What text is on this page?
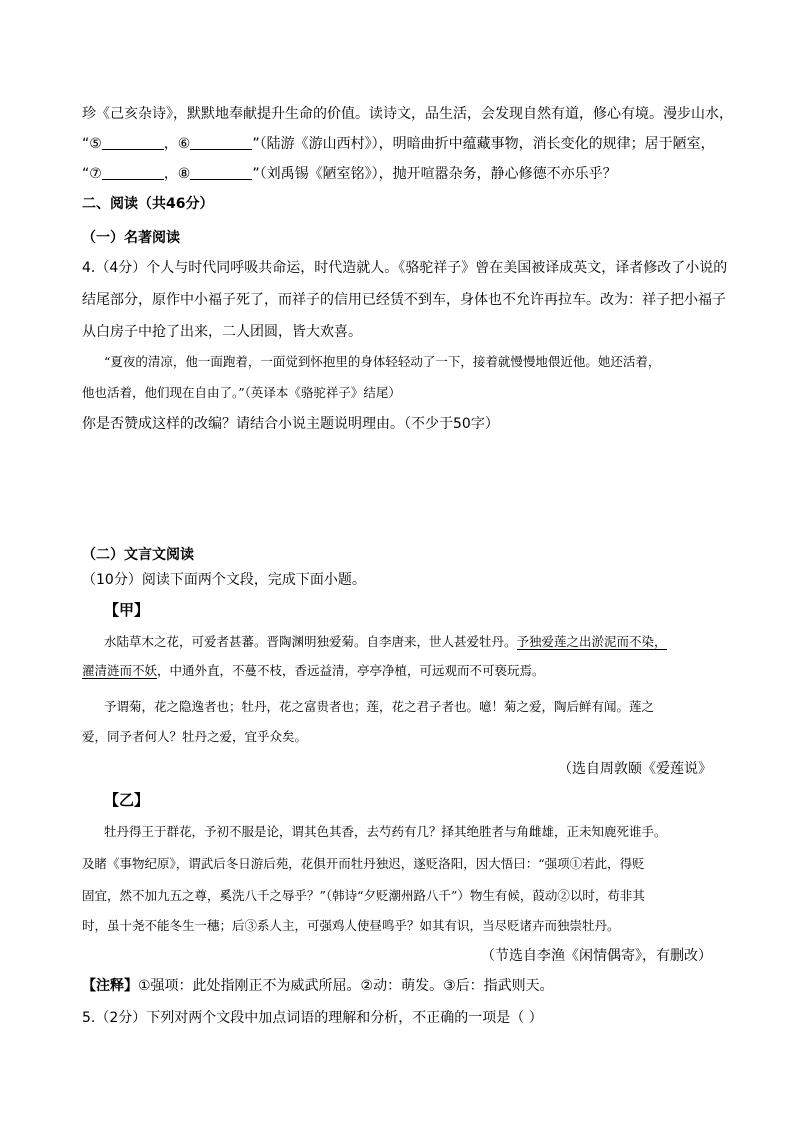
珍《己亥杂诗》，默默地奉献提升生命的价值。读诗文，品生活，会发现自然有道，修心有境。漫步山水，
“⑤	，⑥	”（陆游《游山西村》），明暗曲折中蕴藏事物，消长变化的规律；居于陋室，
“⑦	，⑧	”（刘禹锡《陋室铭》），抛开喧嚣杂务，静心修德不亦乐乎？
二、阅读（共46分）
（一）名著阅读
4.（4分）个人与时代同呼吸共命运，时代造就人。《骆驼祥子》曾在美国被译成英文，译者修改了小说的
结尾部分，原作中小福子死了，而祥子的信用已经赁不到车，身体也不允许再拉车。改为：祥子把小福子
从白房子中抢了出来，二人团圆，皆大欢喜。
“夏夜的清凉，他一面跑着，一面觉到怀抱里的身体轻轻动了一下，接着就慢慢地偎近他。她还活着，
他也活着，他们现在自由了。”（英译本《骆驼祥子》结尾）
你是否赞成这样的改编？请结合小说主题说明理由。（不少于50字）
（二）文言文阅读
（10分）阅读下面两个文段，完成下面小题。
【甲】
水陆草木之花，可爱者甚蕃。晋陶渊明独爱菊。自李唐来，世人甚爱牡丹。予独爱莲之出淤泥而不染，
濯清涟而不妖，中通外直，不蔓不枝，香远益清，亭亭净植，可远观而不可亵玩焉。
予谓菊，花之隐逸者也；牡丹，花之富贵者也；莲，花之君子者也。噫！菊之爱，陶后鲜有闻。莲之
爱，同予者何人？牡丹之爱，宜乎众矣。
（选自周敦颐《爱莲说》
【乙】
牡丹得王于群花，予初不服是论，谓其色其香，去芍药有几？择其绝胜者与角雌雄，正未知鹿死谁手。
及睹《事物纪原》，谓武后冬日游后苑，花俱开而牡丹独迟，遂贬洛阳，因大悟曰：“强项①若此，得贬
固宜，然不加九五之尊，奚洗八千之辱乎？”（韩诗“夕贬潮州路八千”）物生有候，葭动②以时，苟非其
时，虽十尧不能冬生一穗；后③系人主，可强鸡人使昼鸣乎？如其有识，当尽贬诸卉而独崇牡丹。
（节选自李渔《闲情偶寄》，有删改）
【注释】①强项：此处指刚正不为威武所屈。②动：萌发。③后：指武则天。
5.（2分）下列对两个文段中加点词语的理解和分析，不正确的一项是（ ）
